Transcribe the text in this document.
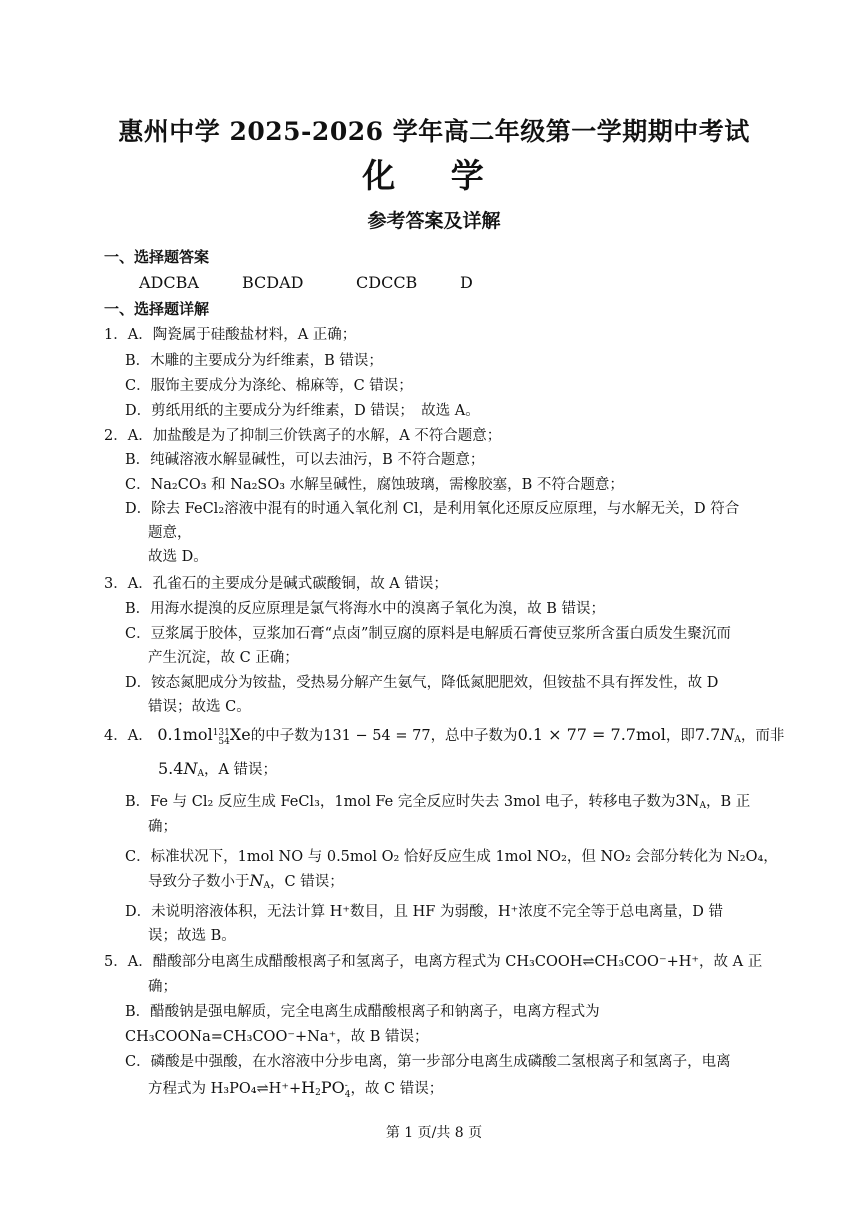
惠州中学 2025-2026 学年高二年级第一学期期中考试
化 学
参考答案及详解
一、选择题答案
ADCBA	BCDAD	CDCCB	D
一、选择题详解
1．A．陶瓷属于硅酸盐材料，A 正确；
B．木雕的主要成分为纤维素，B 错误；
C．服饰主要成分为涤纶、棉麻等，C 错误；
D．剪纸用纸的主要成分为纤维素，D 错误；　故选 A。
2．A．加盐酸是为了抑制三价铁离子的水解，A 不符合题意；
B．纯碱溶液水解显碱性，可以去油污，B 不符合题意；
C．Na₂CO₃ 和 Na₂SO₃ 水解呈碱性，腐蚀玻璃，需橡胶塞，B 不符合题意；
D．除去 FeCl₂溶液中混有的时通入氧化剂 Cl，是利用氧化还原反应原理，与水解无关，D 符合
题意，
故选 D。
3．A．孔雀石的主要成分是碱式碳酸铜，故 A 错误；
B．用海水提溴的反应原理是氯气将海水中的溴离子氧化为溴，故 B 错误；
C．豆浆属于胶体，豆浆加石膏“点卤”制豆腐的原料是电解质石膏使豆浆所含蛋白质发生聚沉而
产生沉淀，故 C 正确；
D．铵态氮肥成分为铵盐，受热易分解产生氨气，降低氮肥肥效，但铵盐不具有挥发性，故 D
错误；故选 C。
4．A． 0.1mol 131
54 Xe的中子数为131 − 54 = 77，总中子数为0.1 × 77 = 7.7mol，即$7.7N_A$，而非
$5.4N_A$，A 错误；
B．Fe 与 Cl₂ 反应生成 FeCl₃，1mol Fe 完全反应时失去 3mol 电子，转移电子数为$3N_A$，B 正
确；
C．标准状况下，1mol NO 与 0.5mol O₂ 恰好反应生成 1mol NO₂，但 NO₂ 会部分转化为 N₂O₄，
导致分子数小于$N_A$，C 错误；
D．未说明溶液体积，无法计算 H⁺数目，且 HF 为弱酸，H⁺浓度不完全等于总电离量，D 错
误；故选 B。
5．A．醋酸部分电离生成醋酸根离子和氢离子，电离方程式为 CH₃COOH⇌CH₃COO⁻+H⁺，故 A 正
确；
B．醋酸钠是强电解质，完全电离生成醋酸根离子和钠离子，电离方程式为
CH₃COONa=CH₃COO⁻+Na⁺，故 B 错误；
C．磷酸是中强酸，在水溶液中分步电离，第一步部分电离生成磷酸二氢根离子和氢离子，电离
方程式为 $H_3PO_4\rightleftharpoons H^++H_2PO$ -
4 ，故 C 错误；
第 1 页/共 8 页
